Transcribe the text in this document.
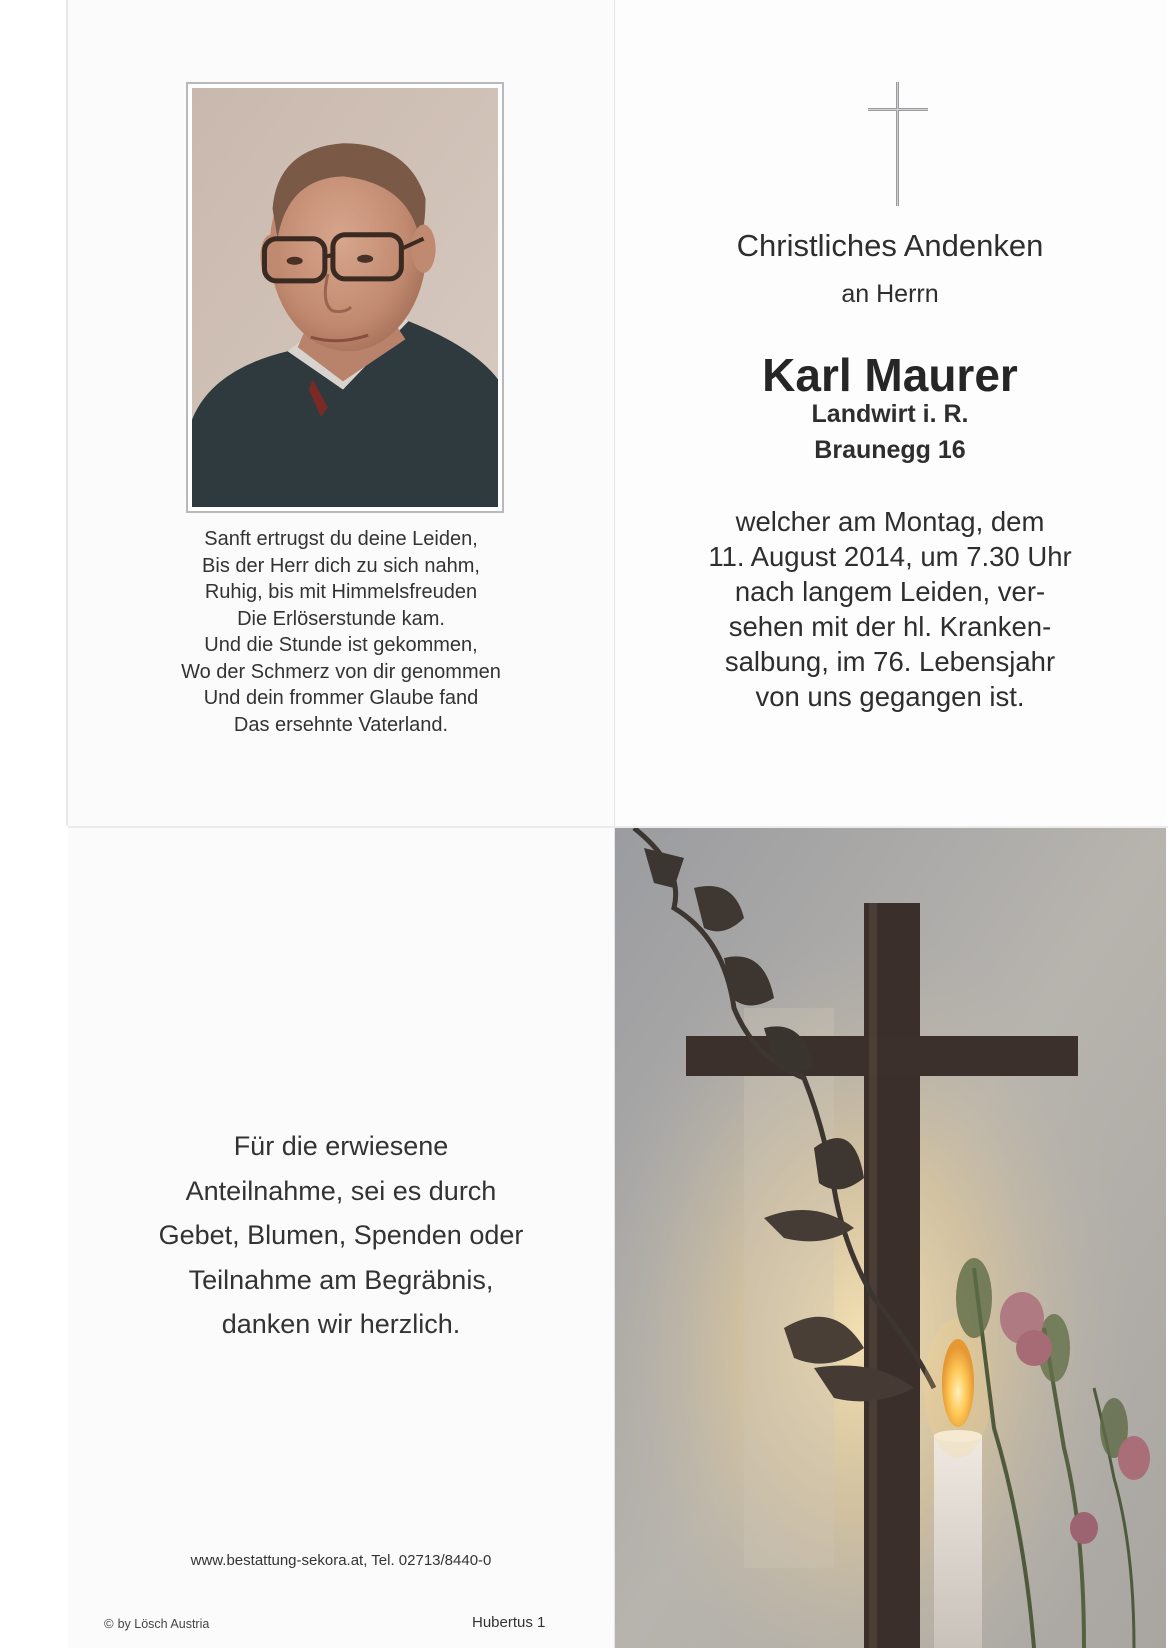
Sanft ertrugst du deine Leiden,
Bis der Herr dich zu sich nahm,
Ruhig, bis mit Himmelsfreuden
Die Erlöserstunde kam.
Und die Stunde ist gekommen,
Wo der Schmerz von dir genommen
Und dein frommer Glaube fand
Das ersehnte Vaterland.
Christliches Andenken
an Herrn
Karl Maurer
Landwirt i. R.
Braunegg 16
welcher am Montag, dem
11. August 2014, um 7.30 Uhr
nach langem Leiden, ver-
sehen mit der hl. Kranken-
salbung, im 76. Lebensjahr
von uns gegangen ist.
Für die erwiesene
Anteilnahme, sei es durch
Gebet, Blumen, Spenden oder
Teilnahme am Begräbnis,
danken wir herzlich.
www.bestattung-sekora.at, Tel. 02713/8440-0
© by Lösch Austria	Hubertus 1
